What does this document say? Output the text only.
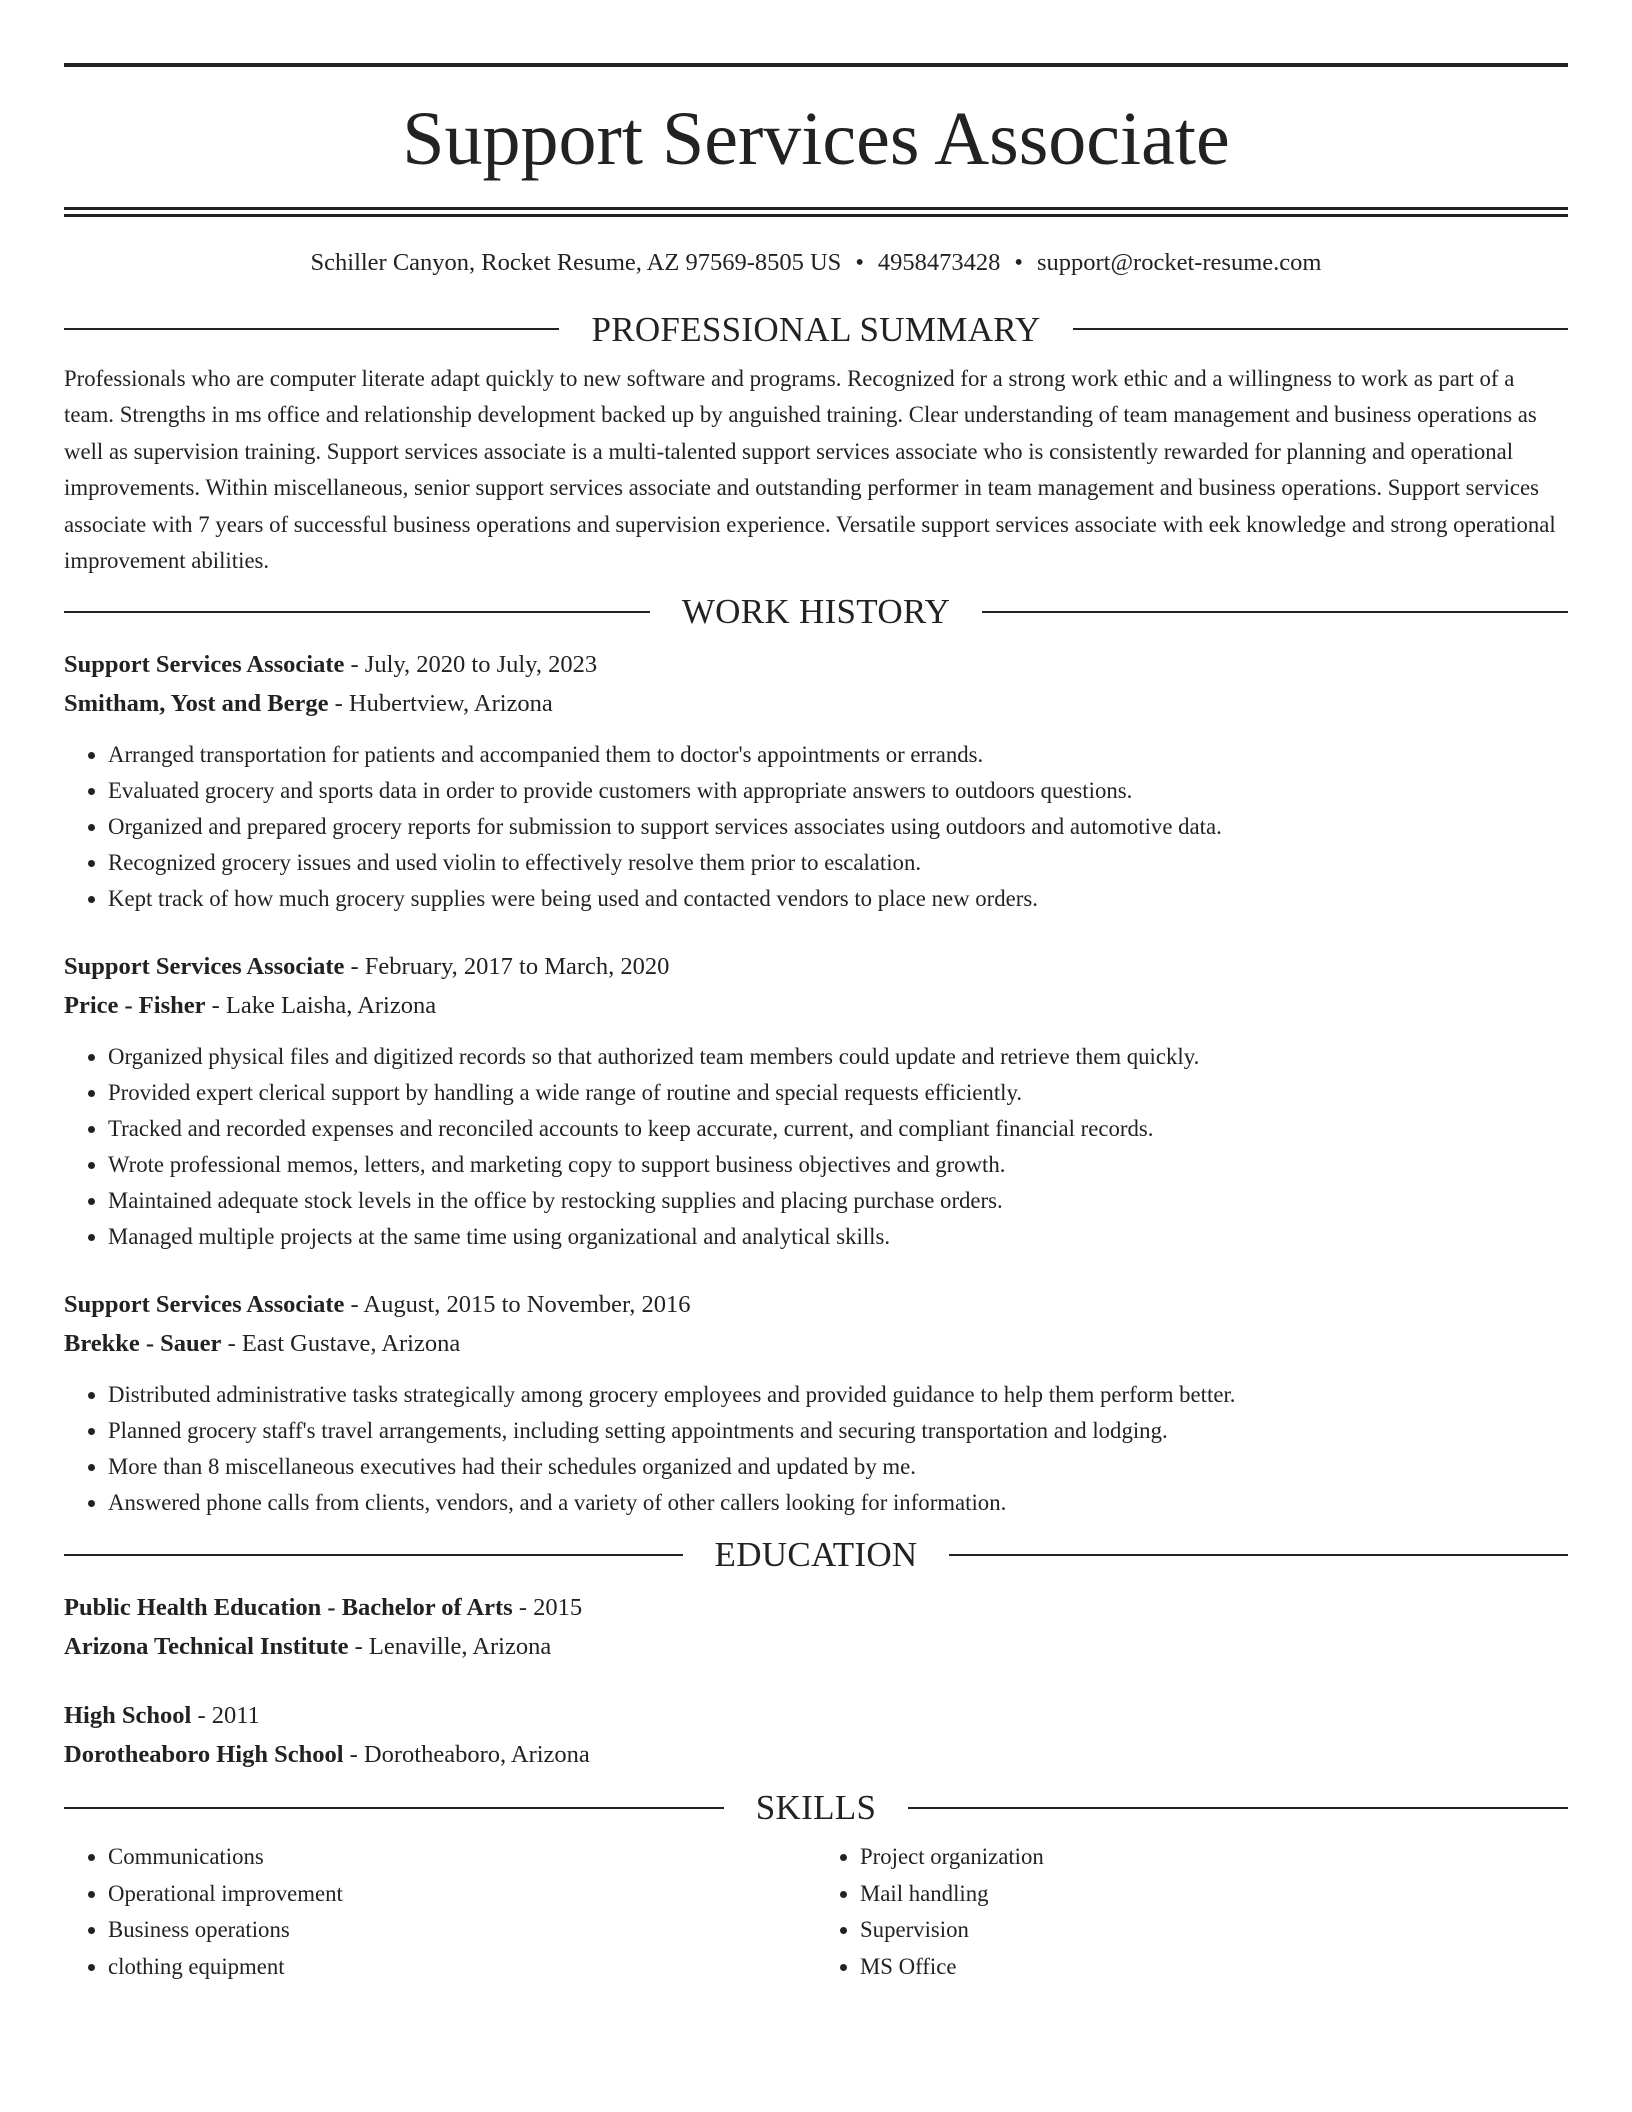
Support Services Associate
Schiller Canyon, Rocket Resume, AZ 97569-8505 US • 4958473428 • support@rocket-resume.com
PROFESSIONAL SUMMARY

Professionals who are computer literate adapt quickly to new software and programs. Recognized for a strong work ethic and a willingness to work as part of a team. Strengths in ms office and relationship development backed up by anguished training. Clear understanding of team management and business operations as well as supervision training. Support services associate is a multi-talented support services associate who is consistently rewarded for planning and operational improvements. Within miscellaneous, senior support services associate and outstanding performer in team management and business operations. Support services associate with 7 years of successful business operations and supervision experience. Versatile support services associate with eek knowledge and strong operational improvement abilities.

WORK HISTORY

Support Services Associate - July, 2020 to July, 2023

Smitham, Yost and Berge - Hubertview, Arizona

• Arranged transportation for patients and accompanied them to doctor's appointments or errands.
• Evaluated grocery and sports data in order to provide customers with appropriate answers to outdoors questions.
• Organized and prepared grocery reports for submission to support services associates using outdoors and automotive data.
• Recognized grocery issues and used violin to effectively resolve them prior to escalation.
• Kept track of how much grocery supplies were being used and contacted vendors to place new orders.

Support Services Associate - February, 2017 to March, 2020

Price - Fisher - Lake Laisha, Arizona

• Organized physical files and digitized records so that authorized team members could update and retrieve them quickly.
• Provided expert clerical support by handling a wide range of routine and special requests efficiently.
• Tracked and recorded expenses and reconciled accounts to keep accurate, current, and compliant financial records.
• Wrote professional memos, letters, and marketing copy to support business objectives and growth.
• Maintained adequate stock levels in the office by restocking supplies and placing purchase orders.
• Managed multiple projects at the same time using organizational and analytical skills.

Support Services Associate - August, 2015 to November, 2016

Brekke - Sauer - East Gustave, Arizona

• Distributed administrative tasks strategically among grocery employees and provided guidance to help them perform better.
• Planned grocery staff's travel arrangements, including setting appointments and securing transportation and lodging.
• More than 8 miscellaneous executives had their schedules organized and updated by me.
• Answered phone calls from clients, vendors, and a variety of other callers looking for information.
EDUCATION

Public Health Education - Bachelor of Arts - 2015

Arizona Technical Institute - Lenaville, Arizona

High School - 2011

Dorotheaboro High School - Dorotheaboro, Arizona

SKILLS
• Communications
• Operational improvement
• Business operations
• clothing equipment
• Project organization
• Mail handling
• Supervision
• MS Office
